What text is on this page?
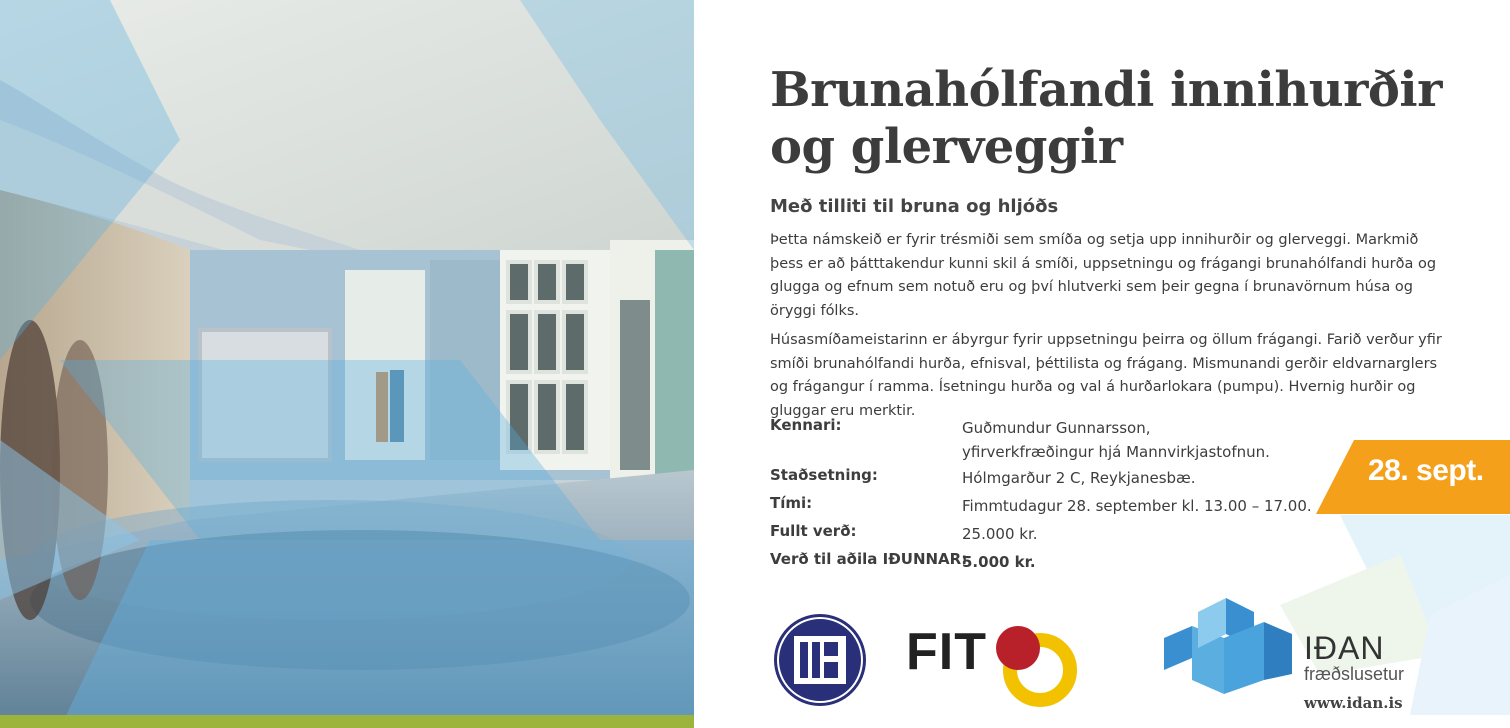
Brunahólfandi innihurðir
og glerveggir
Með tilliti til bruna og hljóðs

Þetta námskeið er fyrir trésmiði sem smíða og setja upp innihurðir og glerveggi. Markmið þess er að þátttakendur kunni skil á smíði, uppsetningu og frágangi brunahólfandi hurða og glugga og efnum sem notuð eru og því hlutverki sem þeir gegna í brunavörnum húsa og öryggi fólks.

Húsasmíðameistarinn er ábyrgur fyrir uppsetningu þeirra og öllum frágangi. Farið verður yfir smíði brunahólfandi hurða, efnisval, þéttilista og frágang. Mismunandi gerðir eldvarnarglers og frágangur í ramma. Ísetningu hurða og val á hurðarlokara (pumpu). Hvernig hurðir og gluggar eru merktir.

Kennari:	Guðmundur Gunnarsson,
yfirverkfræðingur hjá Mannvirkjastofnun.
Staðsetning:	Hólmgarður 2 C, Reykjanesbæ.
Tími:	Fimmtudagur 28. september kl. 13.00 – 17.00.
Fullt verð:	25.000 kr.
Verð til aðila IÐUNNAR:
5.000 kr.
28. sept.
FIT	IÐAN
fræðslusetur
www.idan.is
